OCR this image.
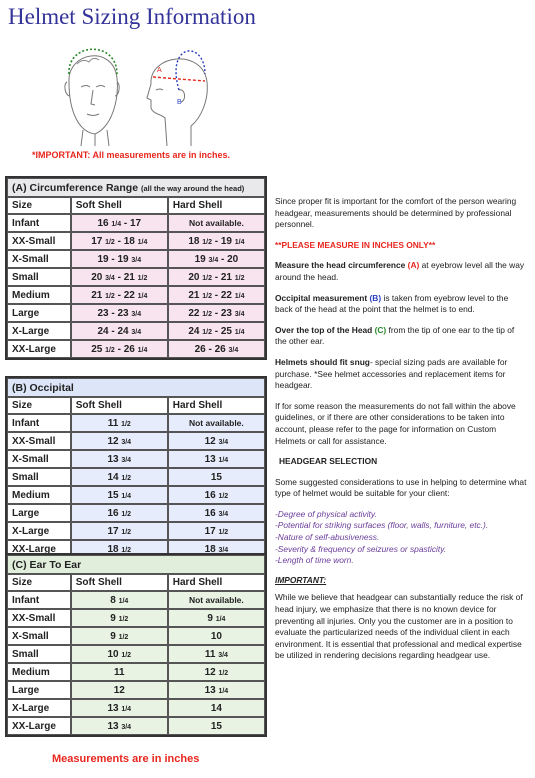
Helmet Sizing Information
A
B
*IMPORTANT: All measurements are in inches.
(A) Circumference Range (all the way around the head)		
Size	Soft Shell	Hard Shell
Infant	16 1/4 - 17	Not available.
XX-Small	17 1/2 - 18 1/4	18 1/2 - 19 1/4
X-Small	19 - 19 3/4	19 3/4 - 20
Small	20 3/4 - 21 1/2	20 1/2 - 21 1/2
Medium	21 1/2 - 22 1/4	21 1/2 - 22 1/4
Large	23 - 23 3/4	22 1/2 - 23 3/4
X-Large	24 - 24 3/4	24 1/2 - 25 1/4
XX-Large	25 1/2 - 26 1/4	26 - 26 3/4
(B) Occipital		
Size	Soft Shell	Hard Shell
Infant	11 1/2	Not available.
XX-Small	12 3/4	12 3/4
X-Small	13 3/4	13 1/4
Small	14 1/2	15
Medium	15 1/4	16 1/2
Large	16 1/2	16 3/4
X-Large	17 1/2	17 1/2
XX-Large	18 1/2	18 3/4
(C) Ear To Ear		
Size	Soft Shell	Hard Shell
Infant	8 1/4	Not available.
XX-Small	9 1/2	9 1/4
X-Small	9 1/2	10
Small	10 1/2	11 3/4
Medium	11	12 1/2
Large	12	13 1/4
X-Large	13 1/4	14
XX-Large	13 3/4	15
Measurements are in inches

Since proper fit is important for the comfort of the person wearing headgear, measurements should be determined by professional personnel.

**PLEASE MEASURE IN INCHES ONLY**

Measure the head circumference (A) at eyebrow level all the way around the head.

Occipital measurement (B) is taken from eyebrow level to the back of the head at the point that the helmet is to end.

Over the top of the Head (C) from the tip of one ear to the tip of the other ear.

Helmets should fit snug- special sizing pads are available for purchase. *See helmet accessories and replacement items for headgear.

If for some reason the measurements do not fall within the above guidelines, or if there are other considerations to be taken into account, please refer to the page for information on Custom Helmets or call for assistance.

HEADGEAR SELECTION

Some suggested considerations to use in helping to determine what type of helmet would be suitable for your client:

-Degree of physical activity.
-Potential for striking surfaces (floor, walls, furniture, etc.).
-Nature of self-abusiveness.
-Severity & frequency of seizures or spasticity.
-Length of time worn.
IMPORTANT:

While we believe that headgear can substantially reduce the risk of head injury, we emphasize that there is no known device for preventing all injuries. Only you the customer are in a position to evaluate the particularized needs of the individual client in each environment. It is essential that professional and medical expertise be utilized in rendering decisions regarding headgear use.
